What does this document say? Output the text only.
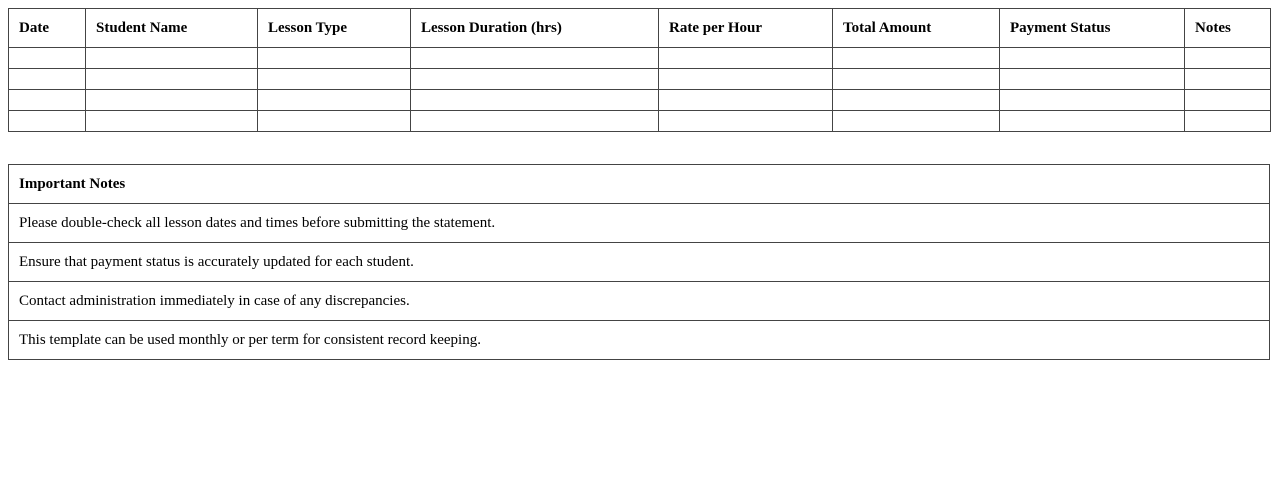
Date	Student Name	Lesson Type	Lesson Duration (hrs)	Rate per Hour	Total Amount	Payment Status	Notes

Important Notes
Please double-check all lesson dates and times before submitting the statement.
Ensure that payment status is accurately updated for each student.
Contact administration immediately in case of any discrepancies.
This template can be used monthly or per term for consistent record keeping.
